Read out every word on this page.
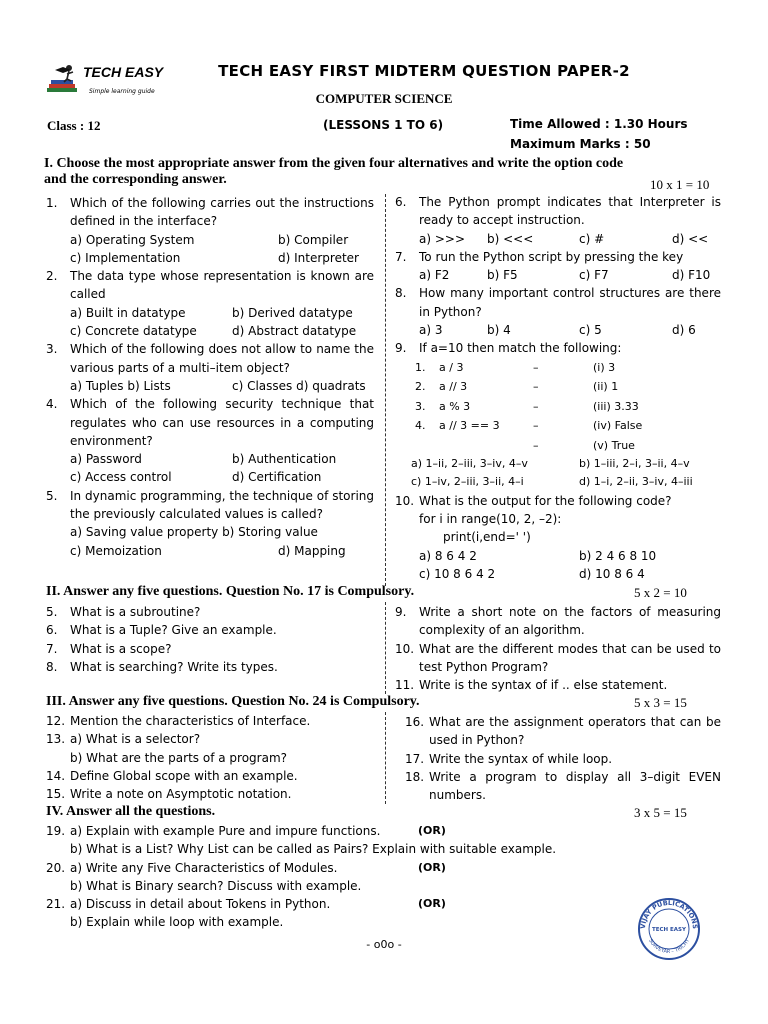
TECH EASY
Simple learning guide
TECH EASY FIRST MIDTERM QUESTION PAPER-2
COMPUTER SCIENCE
Class : 12	(LESSONS 1 TO 6)	Time Allowed : 1.30 Hours
Maximum Marks : 50
I. Choose the most appropriate answer from the given four alternatives and write the option code
and the corresponding answer.	10 x 1 = 10
1.	Which of the following carries out the instructions defined in the interface?
a) Operating System	b) Compiler
c) Implementation	d) Interpreter
2.	The data type whose representation is known are called
a) Built in datatype	b) Derived datatype
c) Concrete datatype	d) Abstract datatype
3.	Which of the following does not allow to name the various parts of a multi–item object?
a) Tuples b) Lists	c) Classes d) quadrats
4.	Which of the following security technique that regulates who can use resources in a computing environment?
a) Password	b) Authentication
c) Access control	d) Certification
5.	In dynamic programming, the technique of storing the previously calculated values is called?
a) Saving value property b) Storing value
c) Memoization	d) Mapping
6.	The Python prompt indicates that Interpreter is ready to accept instruction.
a) >>>	b) <<<	c) #	d) <<
7.	To run the Python script by pressing the key
a) F2	b) F5	c) F7	d) F10
8.	How many important control structures are there in Python?
a) 3	b) 4	c) 5	d) 6
9.	If a=10 then match the following:
1.	a / 3	–	(i) 3
2.	a // 3	–	(ii) 1
3.	a % 3	–	(iii) 3.33
4.	a // 3 == 3	–	(iv) False
–	(v) True
a) 1–ii, 2–iii, 3–iv, 4–v	b) 1–iii, 2–i, 3–ii, 4–v
c) 1–iv, 2–iii, 3–ii, 4–i	d) 1–i, 2–ii, 3–iv, 4–iii
10. What is the output for the following code?
for i in range(10, 2, –2):
print(i,end=' ')
a) 8 6 4 2	b) 2 4 6 8 10
c) 10 8 6 4 2	d) 10 8 6 4
II. Answer any five questions. Question No. 17 is Compulsory.	5 x 2 = 10
5.	What is a subroutine?
6.	What is a Tuple? Give an example.
7.	What is a scope?
8.	What is searching? Write its types.
9.	Write a short note on the factors of measuring complexity of an algorithm.
10. What are the different modes that can be used to test Python Program?
11. Write is the syntax of if .. else statement.
III. Answer any five questions. Question No. 24 is Compulsory.	5 x 3 = 15
12. Mention the characteristics of Interface.
13. a) What is a selector?
b) What are the parts of a program?
14. Define Global scope with an example.
15. Write a note on Asymptotic notation.
16. What are the assignment operators that can be used in Python?
17. Write the syntax of while loop.
18. Write a program to display all 3–digit EVEN numbers.
IV. Answer all the questions.	3 x 5 = 15
19. a) Explain with example Pure and impure functions.	(OR)
b) What is a List? Why List can be called as Pairs? Explain with suitable example.
20. a) Write any Five Characteristics of Modules.	(OR)
b) What is Binary search? Discuss with example.
21. a) Discuss in detail about Tokens in Python.	(OR)
b) Explain while loop with example.
- o0o -
VIJAY PUBLICATIONS
SURVEYAR – TRICHY
TECH EASY
